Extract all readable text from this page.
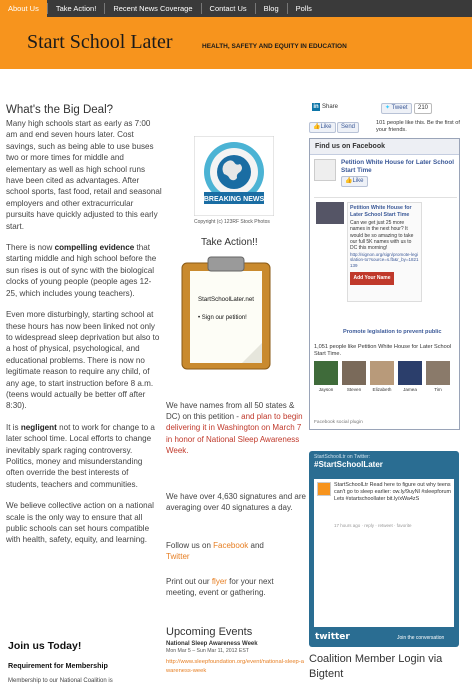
About Us	Take Action!	Recent News Coverage	Contact Us	Blog	Polls
Start School Later	HEALTH, SAFETY AND EQUITY IN EDUCATION
What's the Big Deal?

Many high schools start as early as 7:00 am and end seven hours later. Cost savings, such as being able to use buses two or more times for middle and elementary as well as high school runs have been cited as advantages. After school sports, fast food, retail and seasonal employers and other extracurricular pursuits have quickly adjusted to this early start.

There is now compelling evidence that starting middle and high school before the sun rises is out of sync with the biological clocks of young people (people ages 12-25, which includes young teachers).

Even more disturbingly, starting school at these hours has now been linked not only to widespread sleep deprivation but also to a host of physical, psychological, and educational problems. There is now no legitimate reason to require any child, of any age, to start instruction before 8 a.m. (teens would actually be better off after 8:30).

It is negligent not to work for change to a later school time. Local efforts to change inevitably spark raging controversy. Politics, money and misunderstanding often override the best interests of students, teachers and communities.

We believe collective action on a national scale is the only way to ensure that all public schools can set hours compatible with health, safety, equity, and learning.

Join us Today!
Requirement for Membership
Membership to our National Coalition is
BREAKING NEWS
Copyright (c) 123RF Stock Photos
Take Action!!
StartSchoolLater.net
• Sign our petition!
We have names from all 50 states & DC) on this petition - and plan to begin delivering it in Washington on March 7 in honor of National Sleep Awareness Week.
We have over 4,630 signatures and are averaging over 40 signatures a day.
Follow us on Facebook and
Twitter
Print out our flyer for your next meeting, event or gathering.
Upcoming Events
National Sleep Awareness Week
Mon Mar 5 – Sun Mar 11, 2012 EST
http://www.sleepfoundation.org/event/national-sleep-awareness-week
in Share	✦ Tweet	210
👍Like	Send
101 people like this. Be the first of your friends.
Find us on Facebook
Petition White House for Later School Start Time
👍Like
Petition White House for Later School Start Time
Can we get just 25 more names in the next hour? It would be so amazing to take our full 5K names with us to DC this morning!
http://signon.org/sign/promote-legislation-to?source=s.fb&r_by=1821139
Add Your Name
Promote legislation to prevent public
1,051 people like Petition White House for Later School Start Time.
Jayson	Steven	Elizabeth	Jamea	Tim
Facebook social plugin
StartSchoolLtr on Twitter:
#StartSchoolLater
StartSchoolLtr Read here to figure out why teens can't go to sleep earlier: ow.ly/9uyNl #sleepforum Lets #startschoollater bit.ly/xWa4zS
17 hours ago · reply · retweet · favorite
twitter	Join the conversation
Coalition Member Login via Bigtent
